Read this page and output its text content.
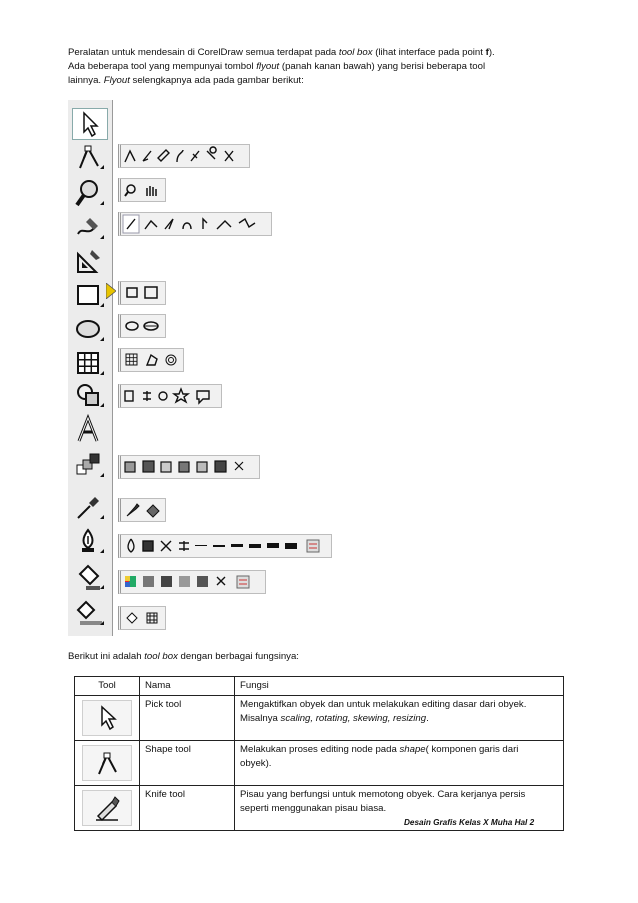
Peralatan untuk mendesain di CorelDraw semua terdapat pada tool box (lihat interface pada point f).

Ada beberapa tool yang mempunyai tombol flyout (panah kanan bawah) yang berisi beberapa tool

lainnya. Flyout selengkapnya ada pada gambar berikut:

Berikut ini adalah tool box dengan berbagai fungsinya:

Tool	Nama	Fungsi

	Pick tool	Mengaktifkan obyek dan untuk melakukan editing dasar dari obyek.
Misalnya scaling, rotating, skewing, resizing.

	Shape tool	Melakukan proses editing node pada shape( komponen garis dari
obyek).

	Knife tool	Pisau yang berfungsi untuk memotong obyek. Cara kerjanya persis
seperti menggunakan pisau biasa.
Desain Grafis Kelas X Muha Hal 2
